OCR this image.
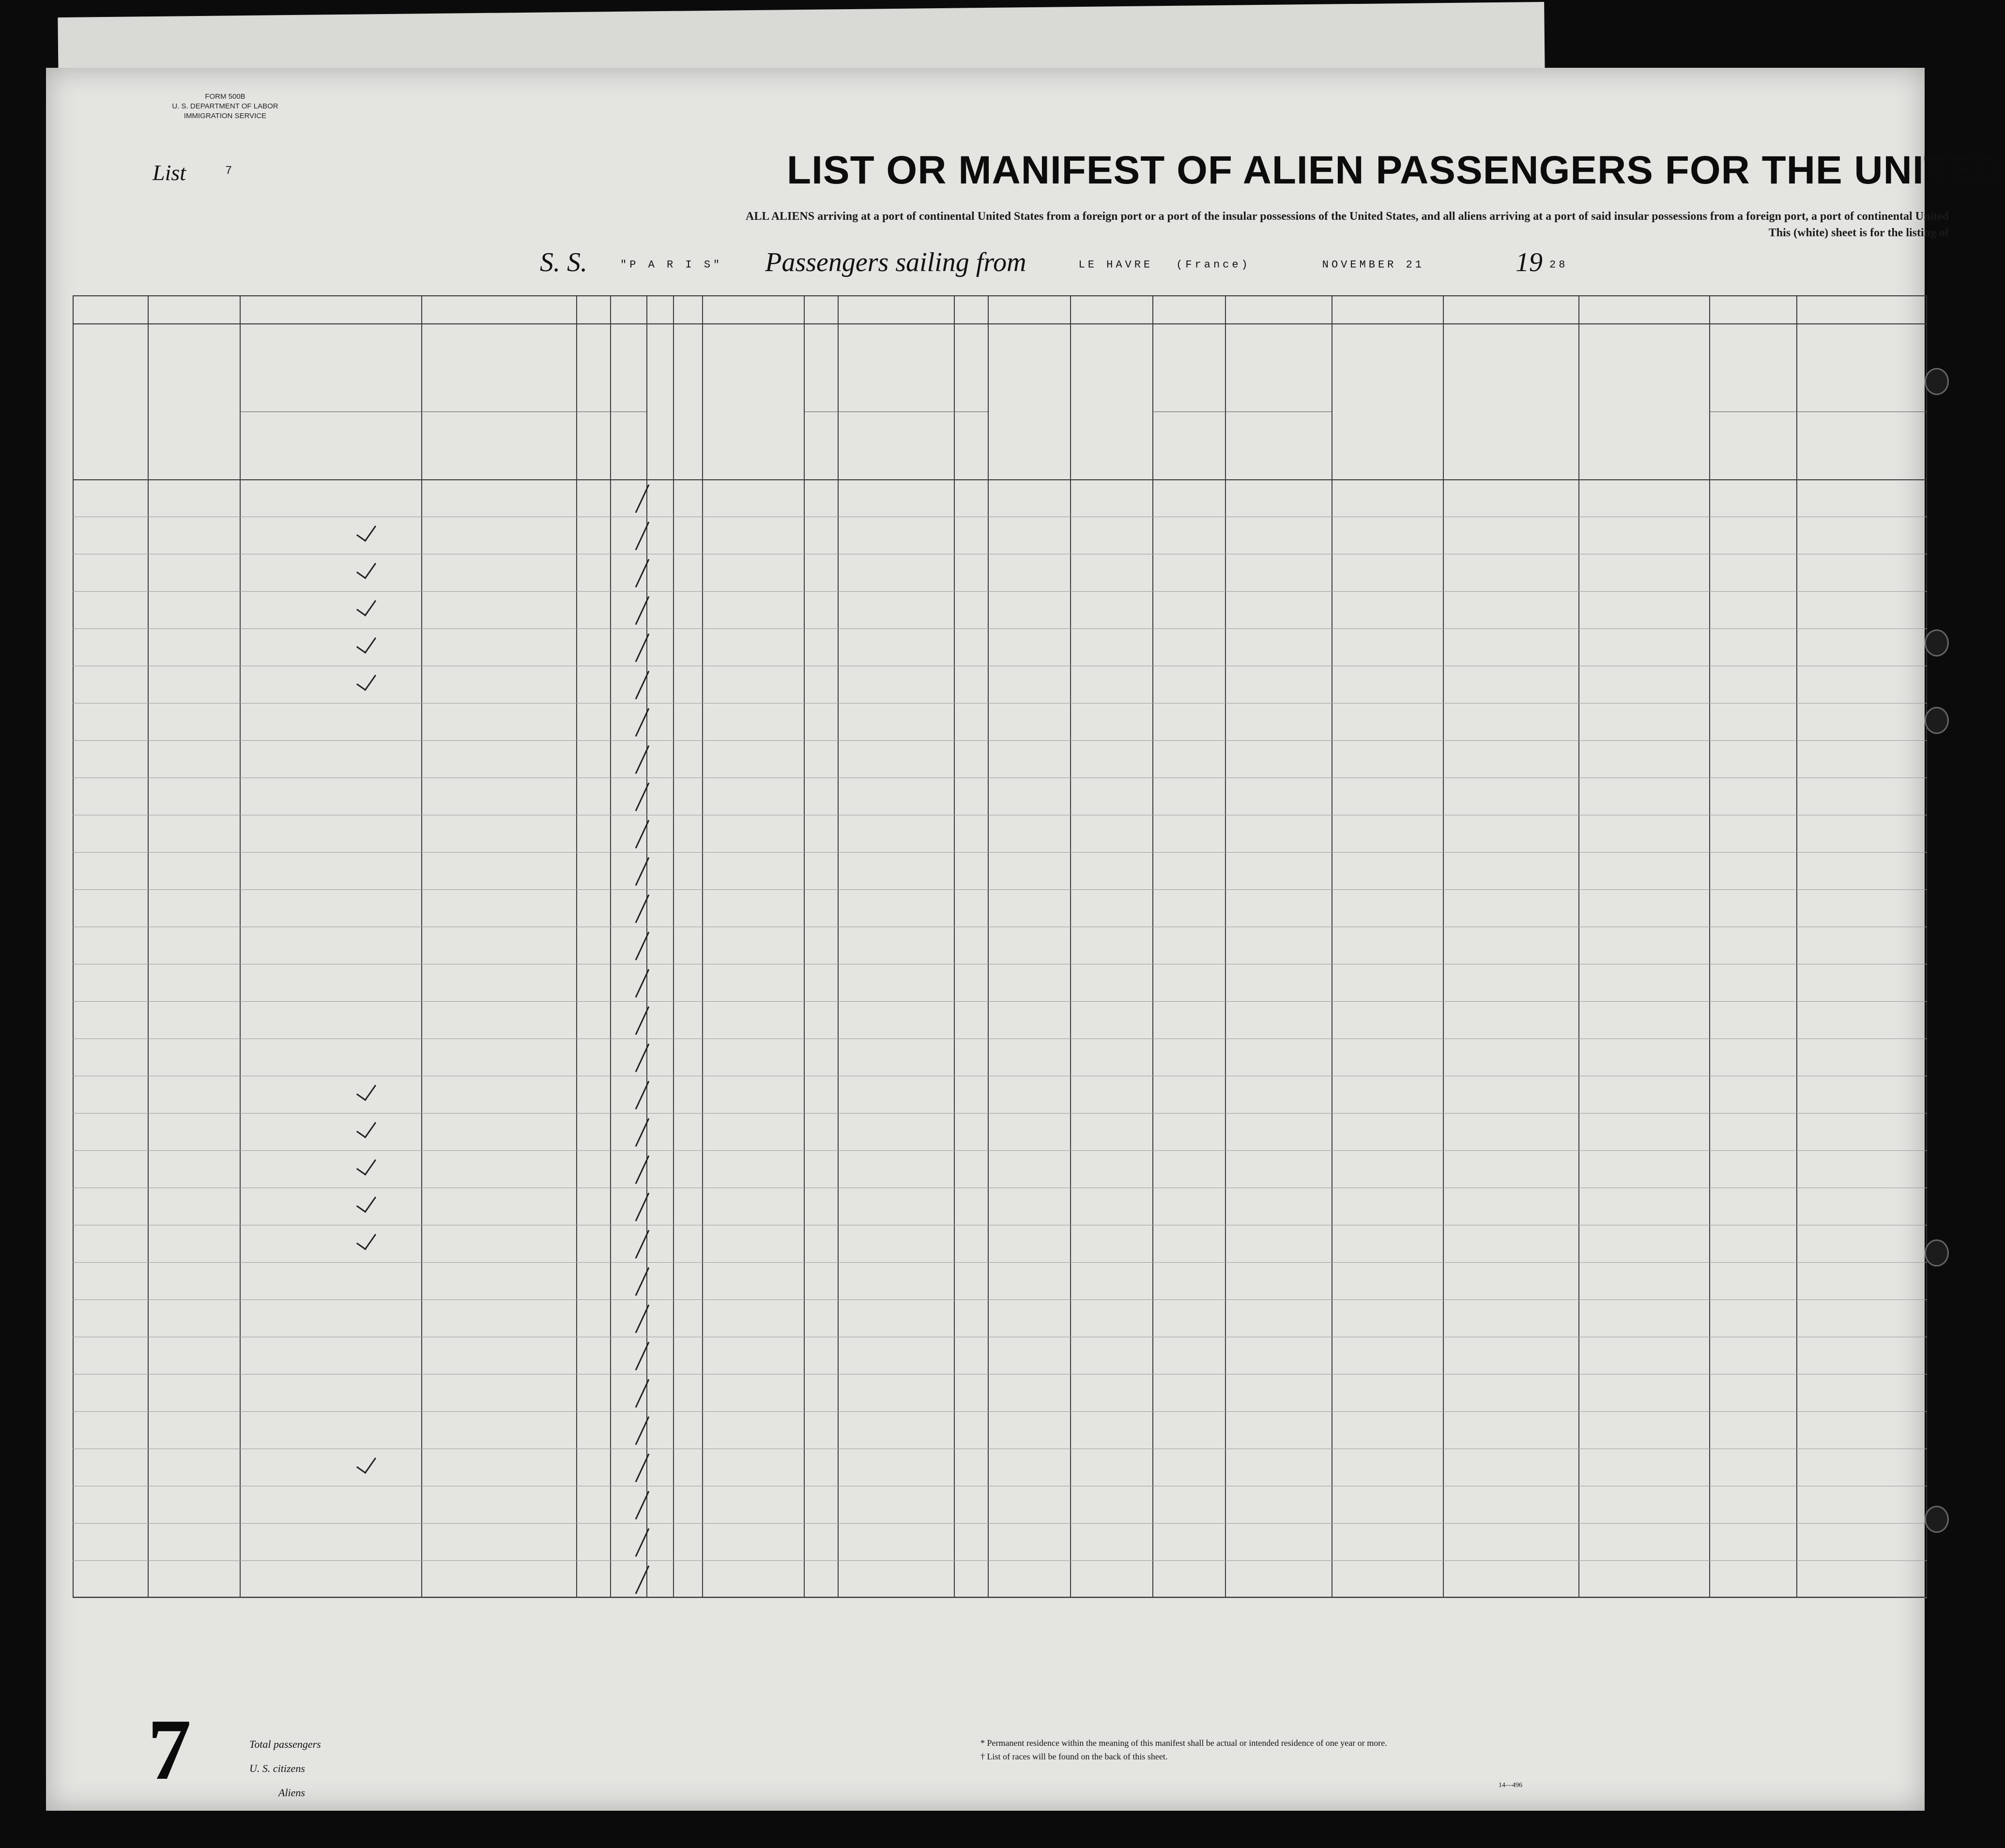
FORM 500B
U. S. DEPARTMENT OF LABOR
IMMIGRATION SERVICE
List	7	LIST OR MANIFEST OF ALIEN PASSENGERS FOR THE UNITED
ALL ALIENS arriving at a port of continental United States from a foreign port or a port of the insular possessions of the United States, and all aliens arriving at a port of said insular possessions from a foreign port, a port of continental United
This (white) sheet is for the listing of
S. S.	"P A R I S" Passengers sailing from	LE HAVRE (France)	NOVEMBER 21	19 28
7	Total passengers
U. S. citizens
Aliens
* Permanent residence within the meaning of this manifest shall be actual or intended residence of one year or more.
† List of races will be found on the back of this sheet.
14—496
